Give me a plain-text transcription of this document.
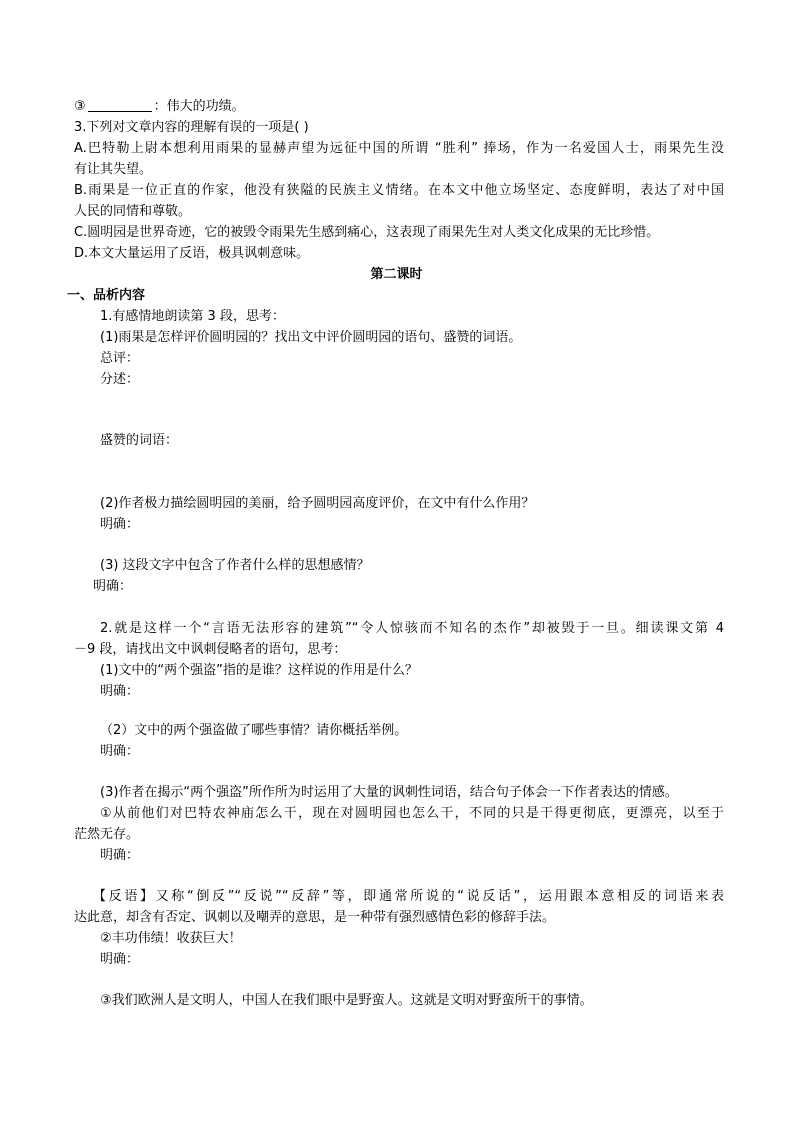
③	：伟大的功绩。
3.下列对文章内容的理解有误的一项是( )
A.巴特勒上尉本想利用雨果的显赫声望为远征中国的所谓 “胜利” 捧场，作为一名爱国人士，雨果先生没
有让其失望。
B.雨果是一位正直的作家，他没有狭隘的民族主义情绪。在本文中他立场坚定、态度鲜明，表达了对中国
人民的同情和尊敬。
C.圆明园是世界奇迹，它的被毁令雨果先生感到痛心，这表现了雨果先生对人类文化成果的无比珍惜。
D.本文大量运用了反语，极具讽刺意味。
第二课时
一、品析内容
1.有感情地朗读第 3 段，思考：
(1)雨果是怎样评价圆明园的？找出文中评价圆明园的语句、盛赞的词语。
总评：
分述：
盛赞的词语：
(2)作者极力描绘圆明园的美丽，给予圆明园高度评价，在文中有什么作用？
明确：
(3) 这段文字中包含了作者什么样的思想感情？
明确：
2.就是这样一个“言语无法形容的建筑”“令人惊骇而不知名的杰作”却被毁于一旦。细读课文第 4
－9 段，请找出文中讽刺侵略者的语句，思考：
(1)文中的“两个强盗”指的是谁？这样说的作用是什么？
明确：
（2）文中的两个强盗做了哪些事情？请你概括举例。
明确：
(3)作者在揭示“两个强盗”所作所为时运用了大量的讽刺性词语，结合句子体会一下作者表达的情感。
①从前他们对巴特农神庙怎么干，现在对圆明园也怎么干，不同的只是干得更彻底，更漂亮，以至于
茫然无存。
明确：
【反语】又称“倒反”“反说”“反辞”等，即通常所说的“说反话”，运用跟本意相反的词语来表
达此意，却含有否定、讽刺以及嘲弄的意思，是一种带有强烈感情色彩的修辞手法。
②丰功伟绩！收获巨大！
明确：
③我们欧洲人是文明人，中国人在我们眼中是野蛮人。这就是文明对野蛮所干的事情。
